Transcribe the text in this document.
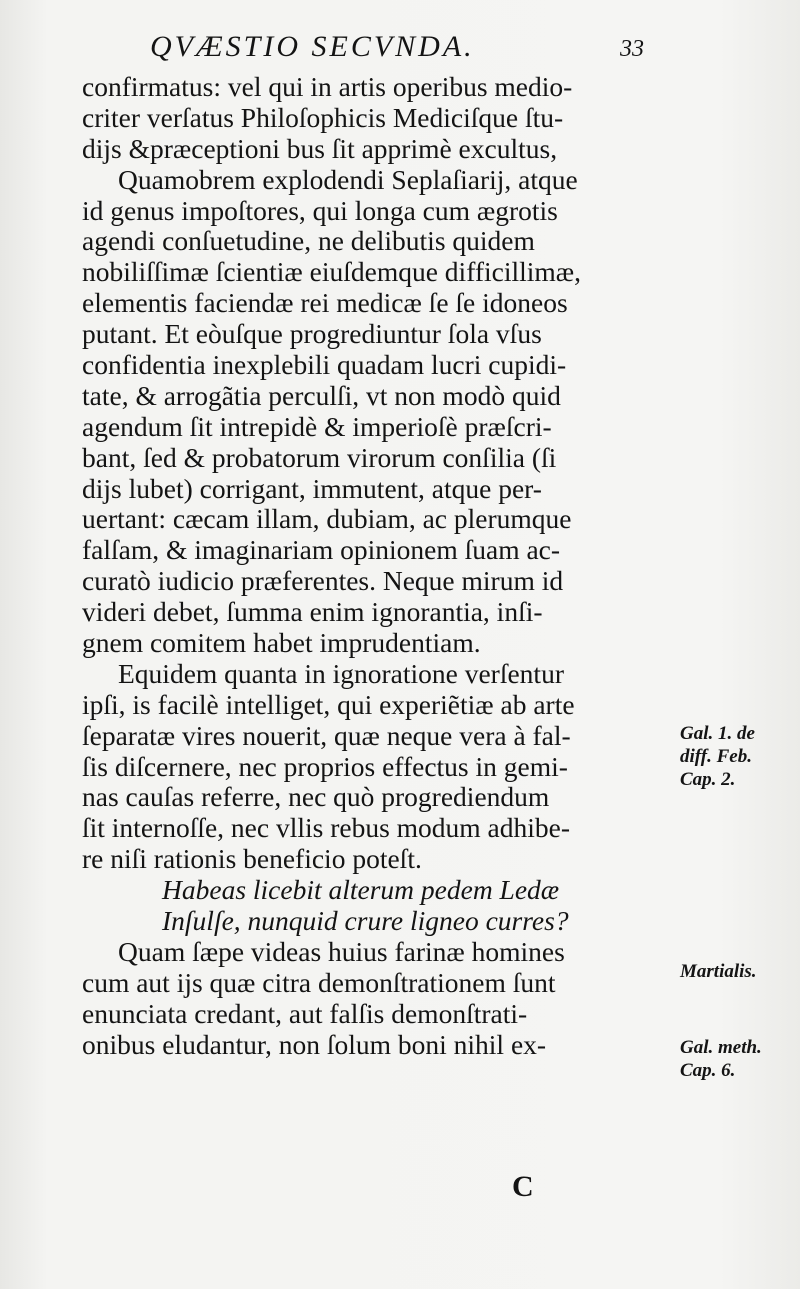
QVÆSTIO SECVNDA.	33
confirmatus: vel qui in artis operibus medio-
criter verſatus Philoſophicis Mediciſque ſtu-
dijs &præceptioni bus ſit apprimè excultus,
Quamobrem explodendi Seplaſiarij, atque
id genus impoſtores, qui longa cum ægrotis
agendi conſuetudine, ne delibutis quidem
nobiliſſimæ ſcientiæ eiuſdemque difficillimæ,
elementis faciendæ rei medicæ ſe ſe idoneos
putant. Et eòuſque progrediuntur ſola vſus
confidentia inexplebili quadam lucri cupidi-
tate, & arrogãtia perculſi, vt non modò quid
agendum ſit intrepidè & imperioſè præſcri-
bant, ſed & probatorum virorum conſilia (ſi
dijs lubet) corrigant, immutent, atque per-
uertant: cæcam illam, dubiam, ac plerumque
falſam, & imaginariam opinionem ſuam ac-
curatò iudicio præferentes. Neque mirum id
videri debet, ſumma enim ignorantia, inſi-
gnem comitem habet imprudentiam.
Equidem quanta in ignoratione verſentur
ipſi, is facilè intelliget, qui experiẽtiæ ab arte
ſeparatæ vires nouerit, quæ neque vera à fal-
ſis diſcernere, nec proprios effectus in gemi-
nas cauſas referre, nec quò progrediendum
ſit internoſſe, nec vllis rebus modum adhibe-
re niſi rationis beneficio poteſt.
Habeas licebit alterum pedem Ledæ
Inſulſe, nunquid crure ligneo curres?
Quam ſæpe videas huius farinæ homines
cum aut ijs quæ citra demonſtrationem ſunt
enunciata credant, aut falſis demonſtrati-
onibus eludantur, non ſolum boni nihil ex-
Gal. 1. de
diff. Feb.
Cap. 2.
Martialis.
Gal. meth.
Cap. 6.
C
